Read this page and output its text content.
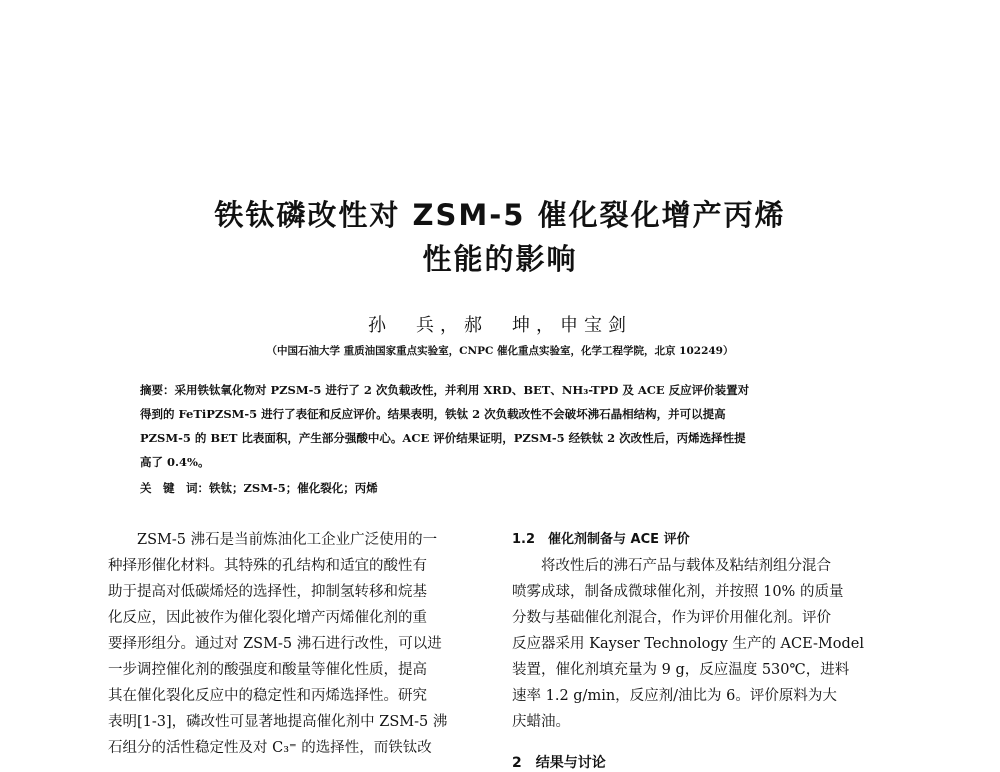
铁钛磷改性对 ZSM-5 催化裂化增产丙烯
性能的影响
孙　兵，郝　坤，申宝剑
（中国石油大学 重质油国家重点实验室，CNPC 催化重点实验室，化学工程学院，北京 102249）
摘要：采用铁钛氧化物对 PZSM-5 进行了 2 次负载改性，并利用 XRD、BET、NH₃-TPD 及 ACE 反应评价装置对
得到的 FeTiPZSM-5 进行了表征和反应评价。结果表明，铁钛 2 次负载改性不会破坏沸石晶相结构，并可以提高
PZSM-5 的 BET 比表面积，产生部分强酸中心。ACE 评价结果证明，PZSM-5 经铁钛 2 次改性后，丙烯选择性提
高了 0.4%。
关　键　词：铁钛；ZSM-5；催化裂化；丙烯
ZSM-5 沸石是当前炼油化工企业广泛使用的一
种择形催化材料。其特殊的孔结构和适宜的酸性有
助于提高对低碳烯烃的选择性，抑制氢转移和烷基
化反应，因此被作为催化裂化增产丙烯催化剂的重
要择形组分。通过对 ZSM-5 沸石进行改性，可以进
一步调控催化剂的酸强度和酸量等催化性质，提高
其在催化裂化反应中的稳定性和丙烯选择性。研究
表明[1-3]，磷改性可显著地提高催化剂中 ZSM-5 沸
石组分的活性稳定性及对 C₃⁼ 的选择性，而铁钛改
1.2　催化剂制备与 ACE 评价
将改性后的沸石产品与载体及粘结剂组分混合
喷雾成球，制备成微球催化剂，并按照 10% 的质量
分数与基础催化剂混合，作为评价用催化剂。评价
反应器采用 Kayser Technology 生产的 ACE-Model
装置，催化剂填充量为 9 g，反应温度 530℃，进料
速率 1.2 g/min，反应剂/油比为 6。评价原料为大
庆蜡油。
2　结果与讨论
